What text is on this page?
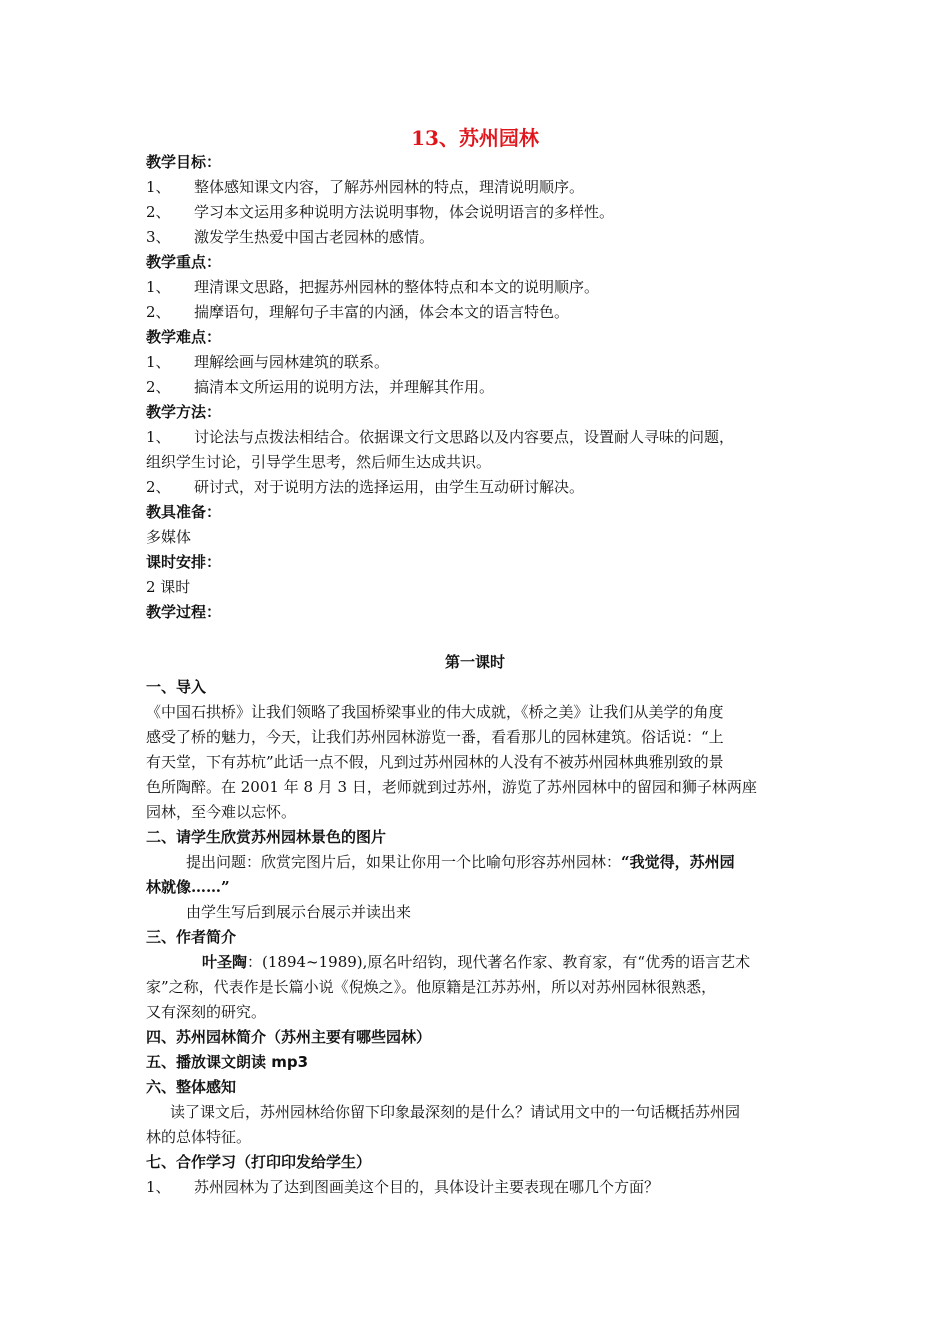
13、苏州园林
教学目标：
1、 整体感知课文内容，了解苏州园林的特点，理清说明顺序。
2、 学习本文运用多种说明方法说明事物，体会说明语言的多样性。
3、 激发学生热爱中国古老园林的感情。
教学重点：
1、 理清课文思路，把握苏州园林的整体特点和本文的说明顺序。
2、 揣摩语句，理解句子丰富的内涵，体会本文的语言特色。
教学难点：
1、 理解绘画与园林建筑的联系。
2、 搞清本文所运用的说明方法，并理解其作用。
教学方法：
1、 讨论法与点拨法相结合。依据课文行文思路以及内容要点，设置耐人寻味的问题，
组织学生讨论，引导学生思考，然后师生达成共识。
2、 研讨式，对于说明方法的选择运用，由学生互动研讨解决。
教具准备：
多媒体
课时安排：
2 课时
教学过程：
第一课时
一、导入
《中国石拱桥》让我们领略了我国桥梁事业的伟大成就，《桥之美》让我们从美学的角度
感受了桥的魅力，今天，让我们苏州园林游览一番，看看那儿的园林建筑。俗话说：“上
有天堂，下有苏杭”此话一点不假，凡到过苏州园林的人没有不被苏州园林典雅别致的景
色所陶醉。在 2001 年 8 月 3 日，老师就到过苏州，游览了苏州园林中的留园和狮子林两座
园林，至今难以忘怀。
二、请学生欣赏苏州园林景色的图片
提出问题：欣赏完图片后，如果让你用一个比喻句形容苏州园林：“我觉得，苏州园
林就像……”
由学生写后到展示台展示并读出来
三、作者简介
叶圣陶：(1894~1989),原名叶绍钧，现代著名作家、教育家，有“优秀的语言艺术
家”之称，代表作是长篇小说《倪焕之》。他原籍是江苏苏州，所以对苏州园林很熟悉，
又有深刻的研究。
四、苏州园林简介（苏州主要有哪些园林）
五、播放课文朗读 mp3
六、整体感知
读了课文后，苏州园林给你留下印象最深刻的是什么？请试用文中的一句话概括苏州园
林的总体特征。
七、合作学习（打印印发给学生）
1、 苏州园林为了达到图画美这个目的，具体设计主要表现在哪几个方面？
